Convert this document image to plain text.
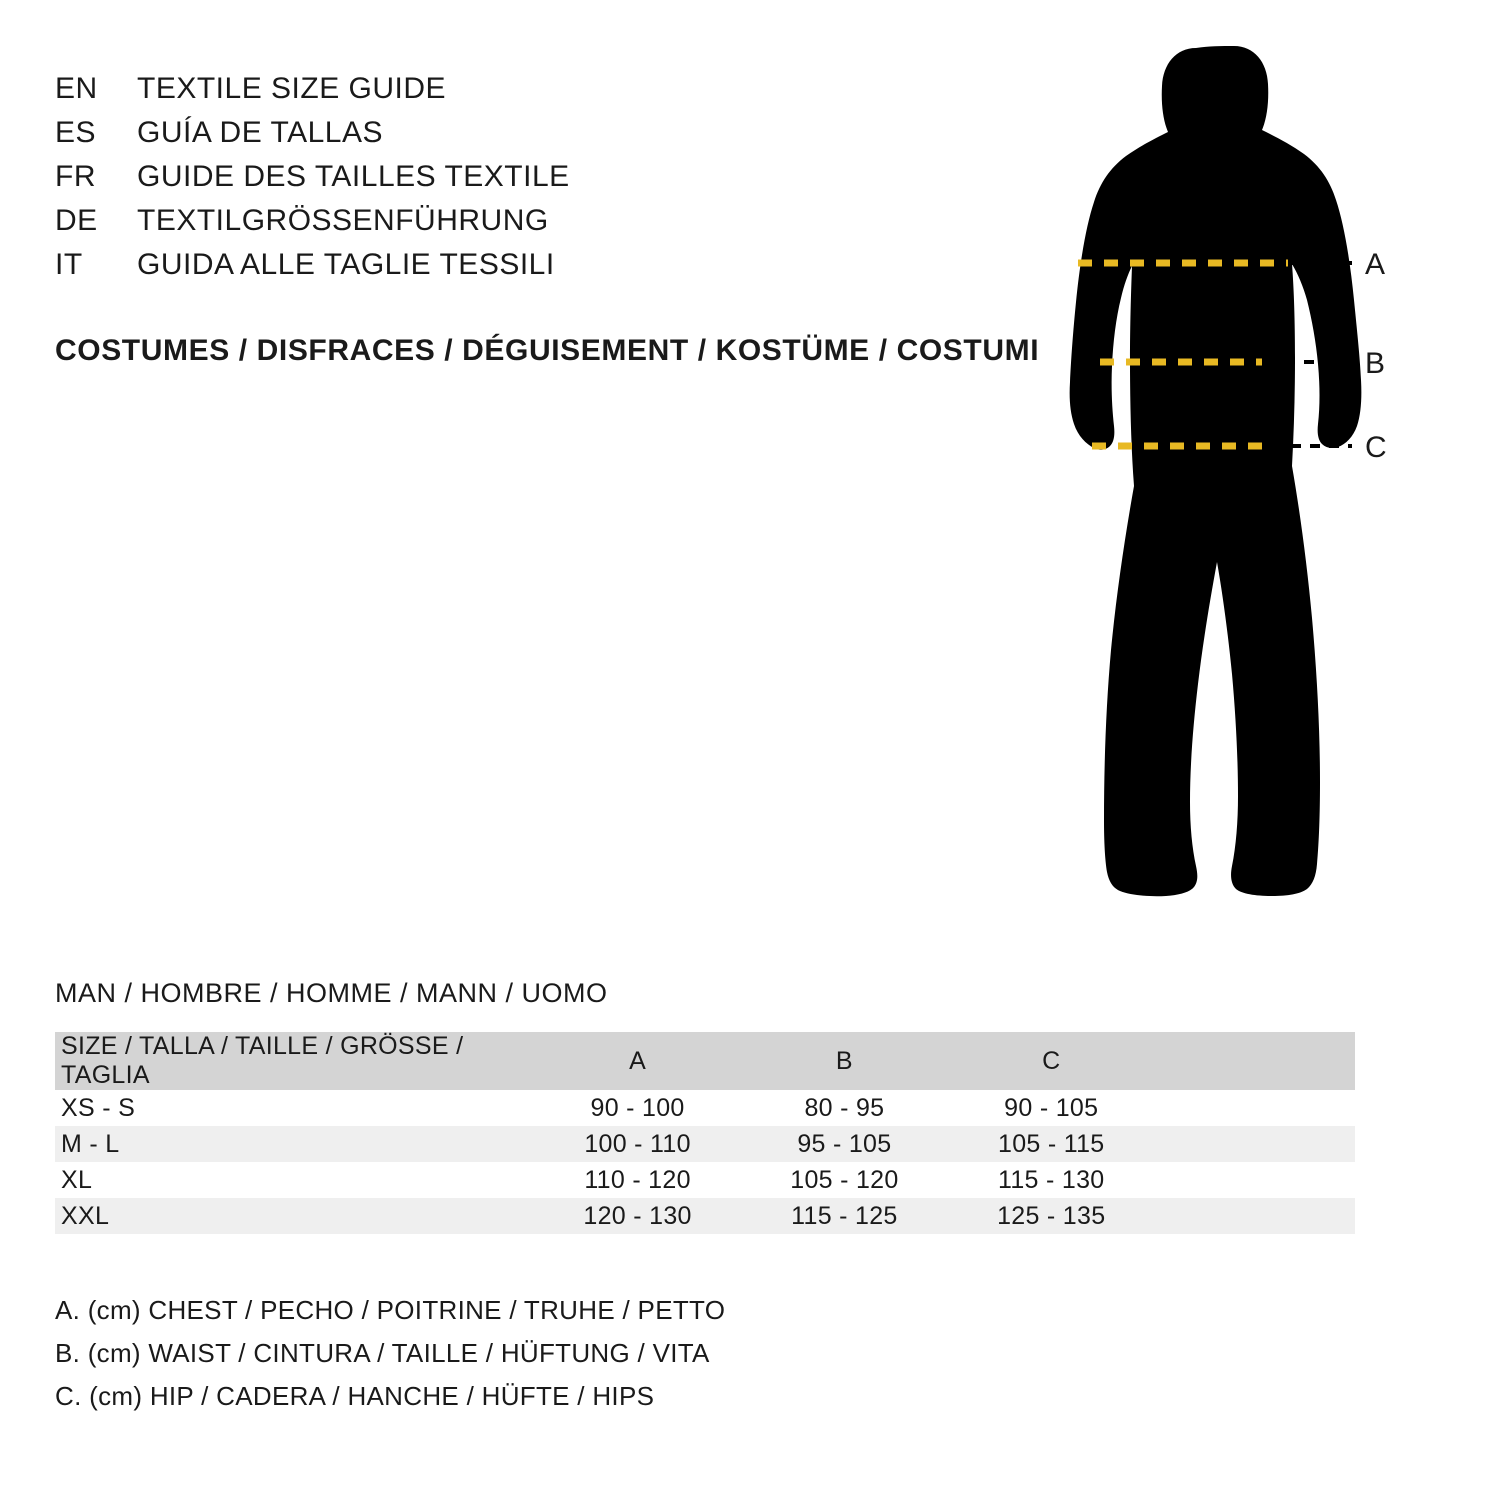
EN	TEXTILE SIZE GUIDE
ES	GUÍA DE TALLAS
FR	GUIDE DES TAILLES TEXTILE
DE	TEXTILGRÖSSENFÜHRUNG
IT	GUIDA ALLE TAGLIE TESSILI
COSTUMES / DISFRACES / DÉGUISEMENT / KOSTÜME / COSTUMI
A
B
C
MAN / HOMBRE / HOMME / MANN / UOMO
SIZE / TALLA / TAILLE / GRÖSSE / TAGLIA	A	B	C	
XS - S	90 - 100	80 - 95	90 - 105	
M - L	100 - 110	95 - 105	105 - 115	
XL	110 - 120	105 - 120	115 - 130	
XXL	120 - 130	115 - 125	125 - 135	
A. (cm) CHEST / PECHO / POITRINE / TRUHE / PETTO
B. (cm) WAIST / CINTURA / TAILLE / HÜFTUNG / VITA
C. (cm) HIP / CADERA / HANCHE / HÜFTE / HIPS
